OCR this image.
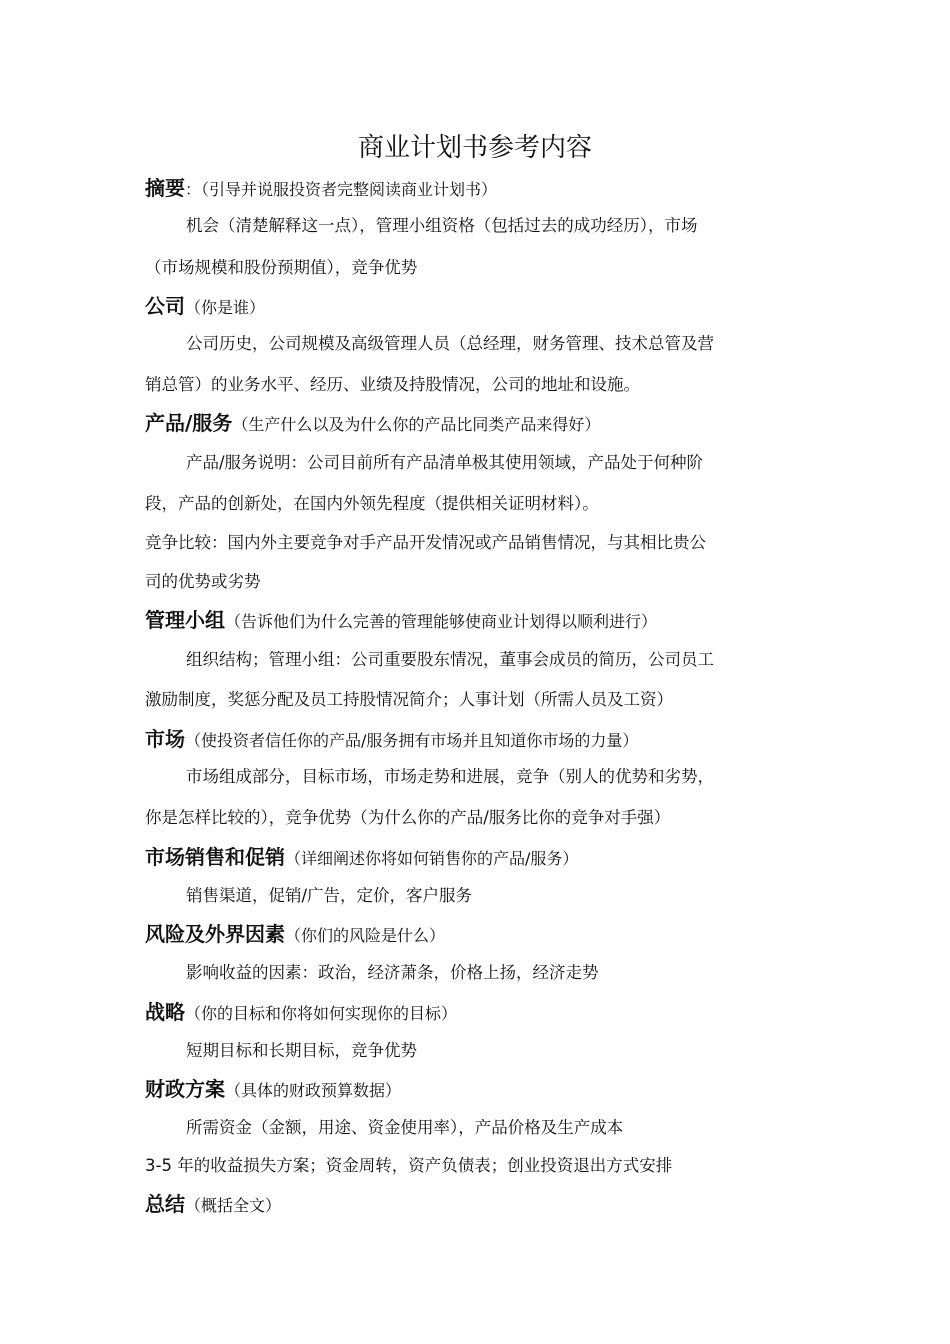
商业计划书参考内容
摘要：（引导并说服投资者完整阅读商业计划书）
机会（清楚解释这一点），管理小组资格（包括过去的成功经历），市场
（市场规模和股份预期值），竞争优势
公司（你是谁）
公司历史，公司规模及高级管理人员（总经理，财务管理、技术总管及营
销总管）的业务水平、经历、业绩及持股情况，公司的地址和设施。
产品/服务（生产什么以及为什么你的产品比同类产品来得好）
产品/服务说明：公司目前所有产品清单极其使用领域，产品处于何种阶
段，产品的创新处，在国内外领先程度（提供相关证明材料）。
竞争比较：国内外主要竞争对手产品开发情况或产品销售情况，与其相比贵公
司的优势或劣势
管理小组（告诉他们为什么完善的管理能够使商业计划得以顺利进行）
组织结构；管理小组：公司重要股东情况，董事会成员的简历，公司员工
激励制度，奖惩分配及员工持股情况简介；人事计划（所需人员及工资）
市场（使投资者信任你的产品/服务拥有市场并且知道你市场的力量）
市场组成部分，目标市场，市场走势和进展，竞争（别人的优势和劣势，
你是怎样比较的），竞争优势（为什么你的产品/服务比你的竞争对手强）
市场销售和促销（详细阐述你将如何销售你的产品/服务）
销售渠道，促销/广告，定价，客户服务
风险及外界因素（你们的风险是什么）
影响收益的因素：政治，经济萧条，价格上扬，经济走势
战略（你的目标和你将如何实现你的目标）
短期目标和长期目标，竞争优势
财政方案（具体的财政预算数据）
所需资金（金额，用途、资金使用率），产品价格及生产成本
3-5 年的收益损失方案；资金周转，资产负债表；创业投资退出方式安排
总结（概括全文）
